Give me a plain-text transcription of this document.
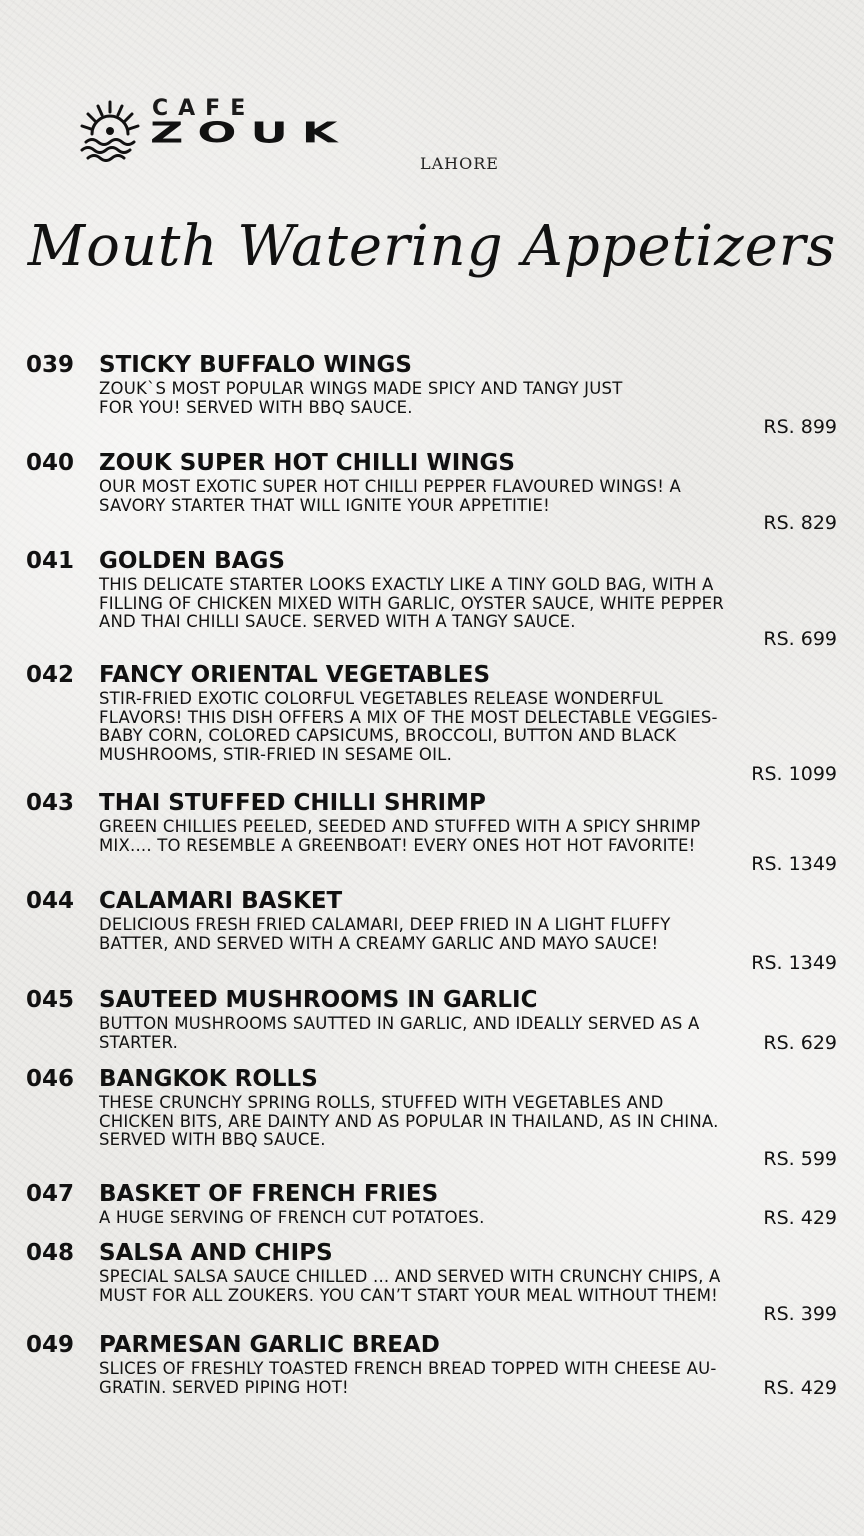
CAFE
ZOUK
LAHORE
Mouth Watering Appetizers
039 STICKY BUFFALO WINGS
ZOUK`S MOST POPULAR WINGS MADE SPICY AND TANGY JUST FOR YOU! SERVED WITH BBQ SAUCE.
RS. 899
040 ZOUK SUPER HOT CHILLI WINGS
OUR MOST EXOTIC SUPER HOT CHILLI PEPPER FLAVOURED WINGS! A SAVORY STARTER THAT WILL IGNITE YOUR APPETITIE!
RS. 829
041 GOLDEN BAGS
THIS DELICATE STARTER LOOKS EXACTLY LIKE A TINY GOLD BAG, WITH A FILLING OF CHICKEN MIXED WITH GARLIC, OYSTER SAUCE, WHITE PEPPER AND THAI CHILLI SAUCE. SERVED WITH A TANGY SAUCE.
RS. 699
042 FANCY ORIENTAL VEGETABLES
STIR-FRIED EXOTIC COLORFUL VEGETABLES RELEASE WONDERFUL FLAVORS! THIS DISH OFFERS A MIX OF THE MOST DELECTABLE VEGGIES- BABY CORN, COLORED CAPSICUMS, BROCCOLI, BUTTON AND BLACK MUSHROOMS, STIR-FRIED IN SESAME OIL.
RS. 1099
043 THAI STUFFED CHILLI SHRIMP
GREEN CHILLIES PEELED, SEEDED AND STUFFED WITH A SPICY SHRIMP MIX.... TO RESEMBLE A GREENBOAT! EVERY ONES HOT HOT FAVORITE!
RS. 1349
044 CALAMARI BASKET
DELICIOUS FRESH FRIED CALAMARI, DEEP FRIED IN A LIGHT FLUFFY BATTER, AND SERVED WITH A CREAMY GARLIC AND MAYO SAUCE!
RS. 1349
045 SAUTEED MUSHROOMS IN GARLIC
BUTTON MUSHROOMS SAUTTED IN GARLIC, AND IDEALLY SERVED AS A STARTER.	RS. 629
046 BANGKOK ROLLS
THESE CRUNCHY SPRING ROLLS, STUFFED WITH VEGETABLES AND CHICKEN BITS, ARE DAINTY AND AS POPULAR IN THAILAND, AS IN CHINA. SERVED WITH BBQ SAUCE.
RS. 599
047 BASKET OF FRENCH FRIES
A HUGE SERVING OF FRENCH CUT POTATOES.	RS. 429
048 SALSA AND CHIPS
SPECIAL SALSA SAUCE CHILLED ... AND SERVED WITH CRUNCHY CHIPS, A MUST FOR ALL ZOUKERS. YOU CAN’T START YOUR MEAL WITHOUT THEM!
RS. 399
049 PARMESAN GARLIC BREAD
SLICES OF FRESHLY TOASTED FRENCH BREAD TOPPED WITH CHEESE AU-GRATIN. SERVED PIPING HOT!	RS. 429
